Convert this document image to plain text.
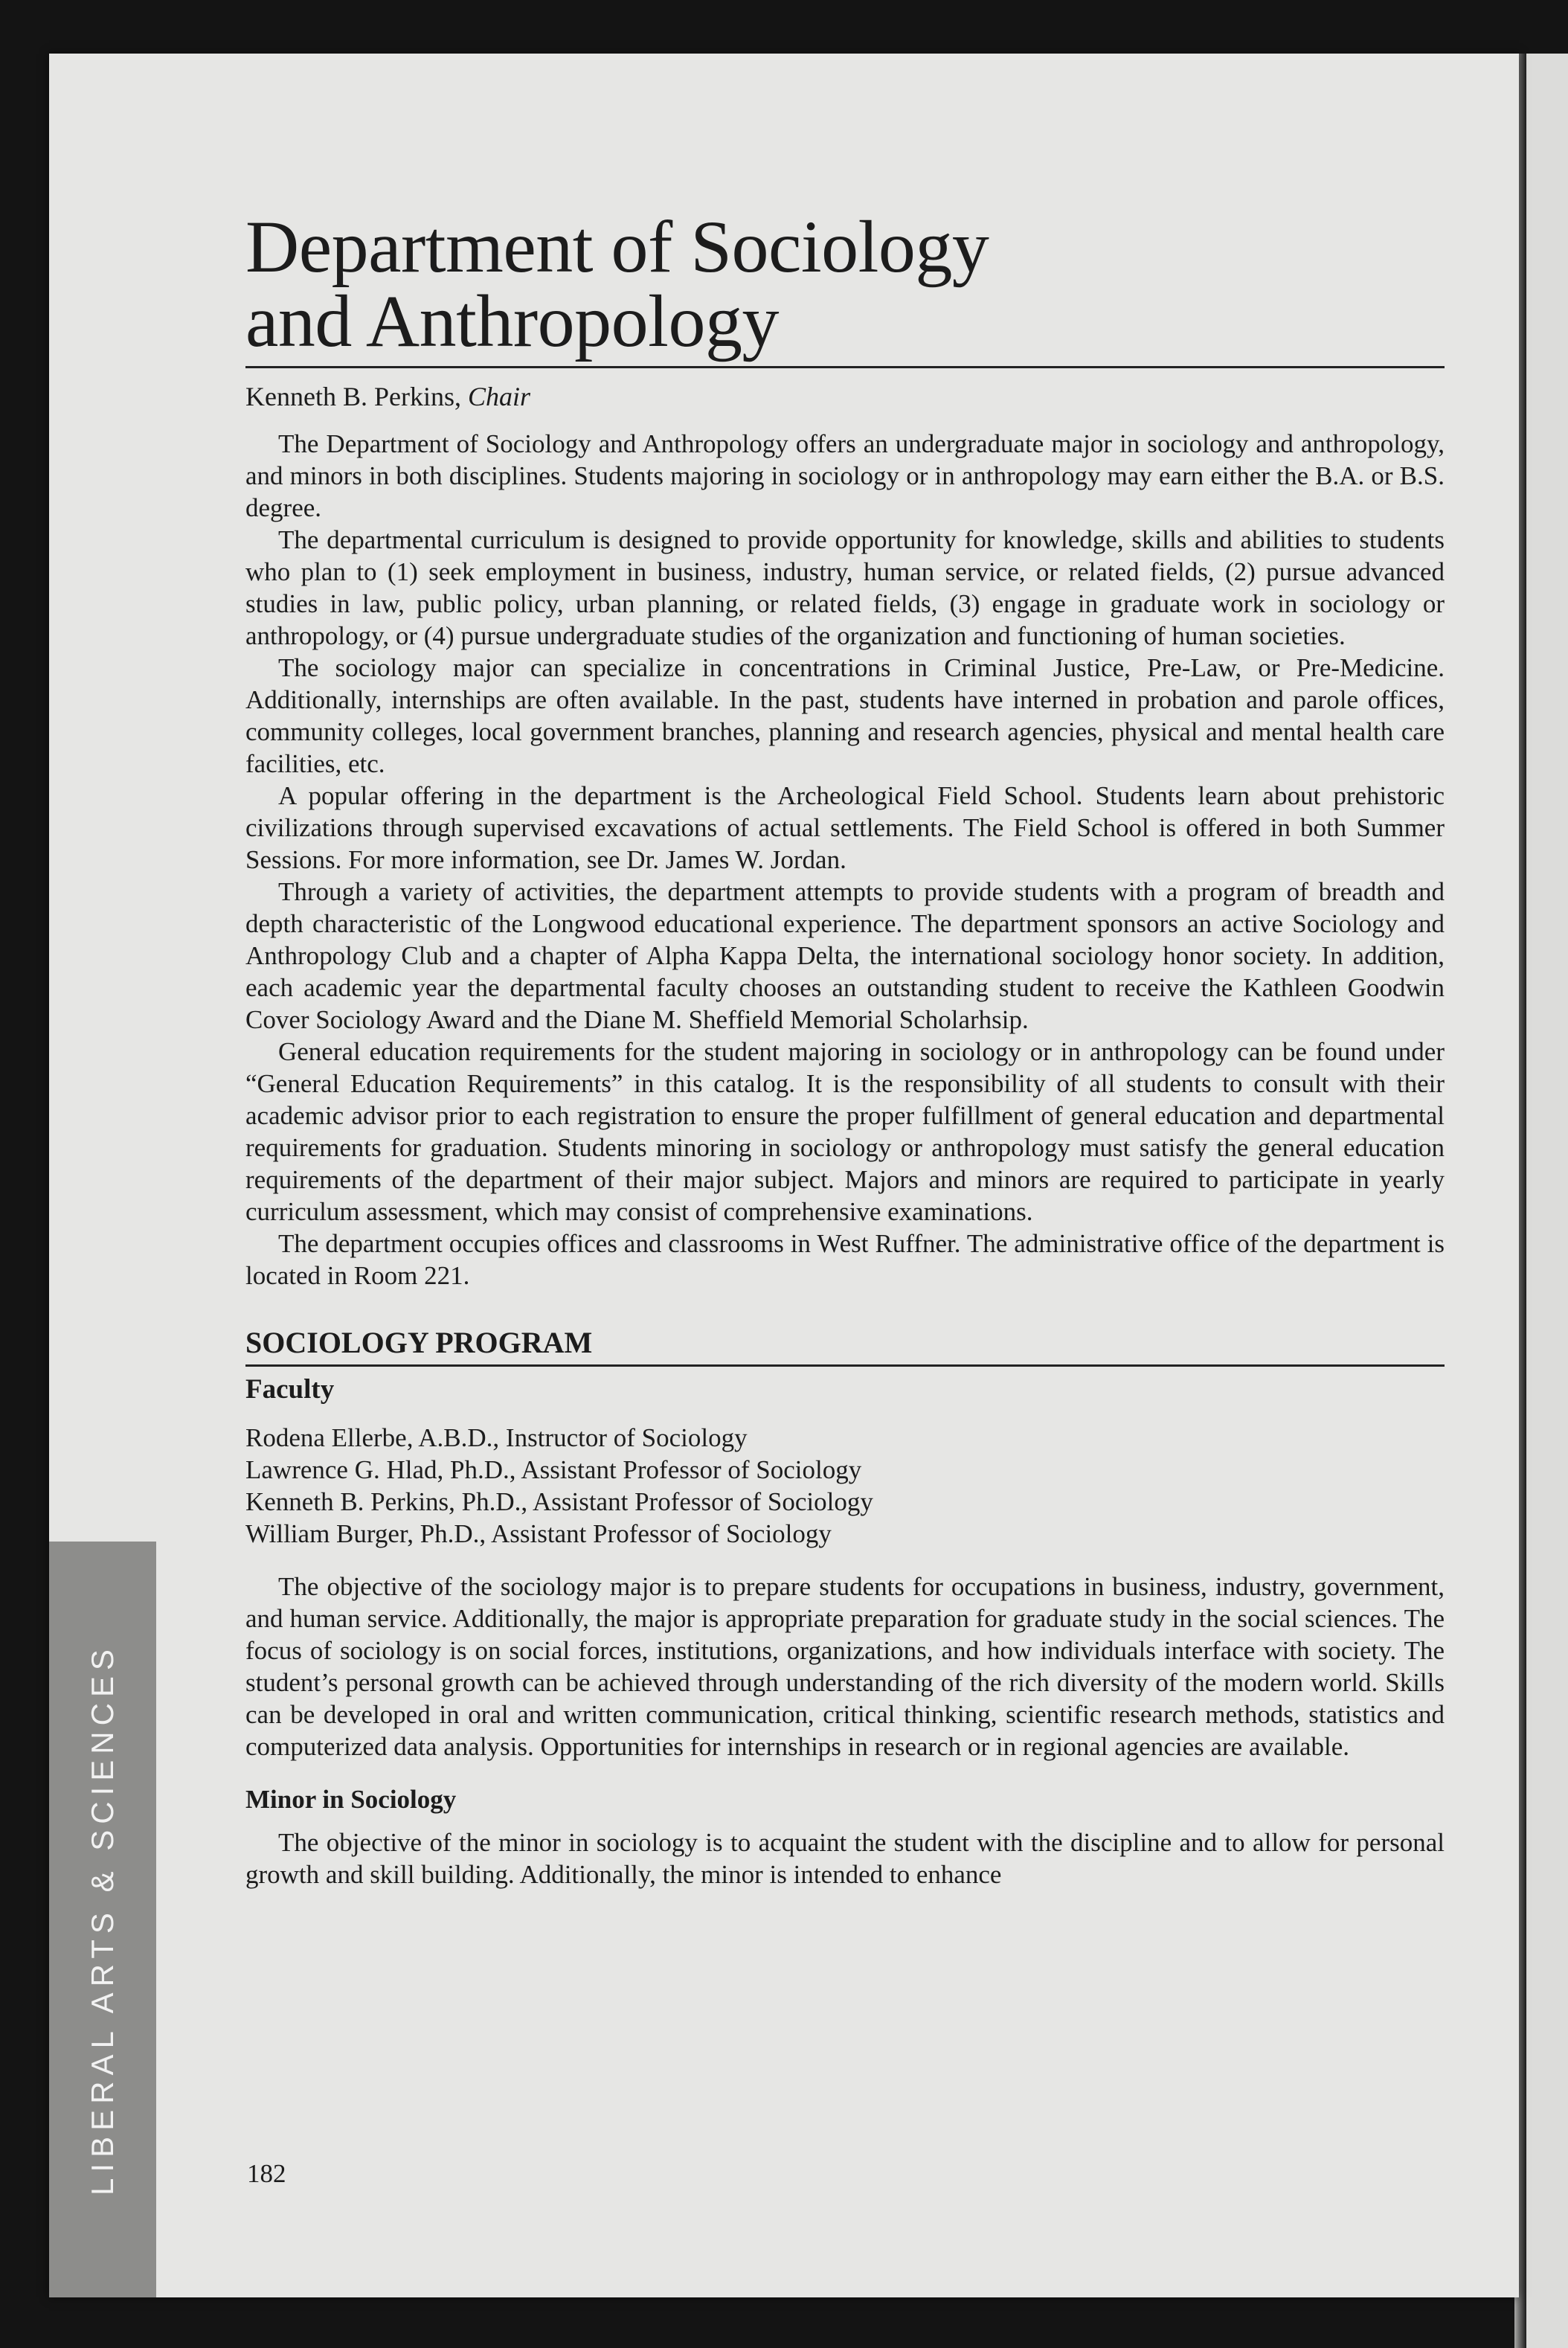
LIBERAL ARTS & SCIENCES
Department of Sociology
and Anthropology
Kenneth B. Perkins, Chair

The Department of Sociology and Anthropology offers an undergraduate major in sociology and anthropology, and minors in both disciplines. Students majoring in sociology or in anthropology may earn either the B.A. or B.S. degree.

The departmental curriculum is designed to provide opportunity for knowledge, skills and abilities to students who plan to (1) seek employment in business, industry, human service, or related fields, (2) pursue advanced studies in law, public policy, urban planning, or related fields, (3) engage in graduate work in sociology or anthropology, or (4) pursue undergraduate studies of the organization and functioning of human societies.

The sociology major can specialize in concentrations in Criminal Justice, Pre-Law, or Pre-Medicine. Additionally, internships are often available. In the past, students have interned in probation and parole offices, community colleges, local government branches, planning and research agencies, physical and mental health care facilities, etc.

A popular offering in the department is the Archeological Field School. Students learn about prehistoric civilizations through supervised excavations of actual settlements. The Field School is offered in both Summer Sessions. For more information, see Dr. James W. Jordan.

Through a variety of activities, the department attempts to provide students with a program of breadth and depth characteristic of the Longwood educational experience. The department sponsors an active Sociology and Anthropology Club and a chapter of Alpha Kappa Delta, the international sociology honor society. In addition, each academic year the departmental faculty chooses an outstanding student to receive the Kathleen Goodwin Cover Sociology Award and the Diane M. Sheffield Memorial Scholarhsip.

General education requirements for the student majoring in sociology or in anthropology can be found under “General Education Requirements” in this catalog. It is the responsibility of all students to consult with their academic advisor prior to each registration to ensure the proper fulfillment of general education and departmental requirements for graduation. Students minoring in sociology or anthropology must satisfy the general education requirements of the department of their major subject. Majors and minors are required to participate in yearly curriculum assessment, which may consist of comprehensive examinations.

The department occupies offices and classrooms in West Ruffner. The administrative office of the department is located in Room 221.

SOCIOLOGY PROGRAM
Faculty
Rodena Ellerbe, A.B.D., Instructor of Sociology
Lawrence G. Hlad, Ph.D., Assistant Professor of Sociology
Kenneth B. Perkins, Ph.D., Assistant Professor of Sociology
William Burger, Ph.D., Assistant Professor of Sociology

The objective of the sociology major is to prepare students for occupations in business, industry, government, and human service. Additionally, the major is appropriate preparation for graduate study in the social sciences. The focus of sociology is on social forces, institutions, organizations, and how individuals interface with society. The student’s personal growth can be achieved through understanding of the rich diversity of the modern world. Skills can be developed in oral and written communication, critical thinking, scientific research methods, statistics and computerized data analysis. Opportunities for internships in research or in regional agencies are available.

Minor in Sociology

The objective of the minor in sociology is to acquaint the student with the discipline and to allow for personal growth and skill building. Additionally, the minor is intended to enhance

182
